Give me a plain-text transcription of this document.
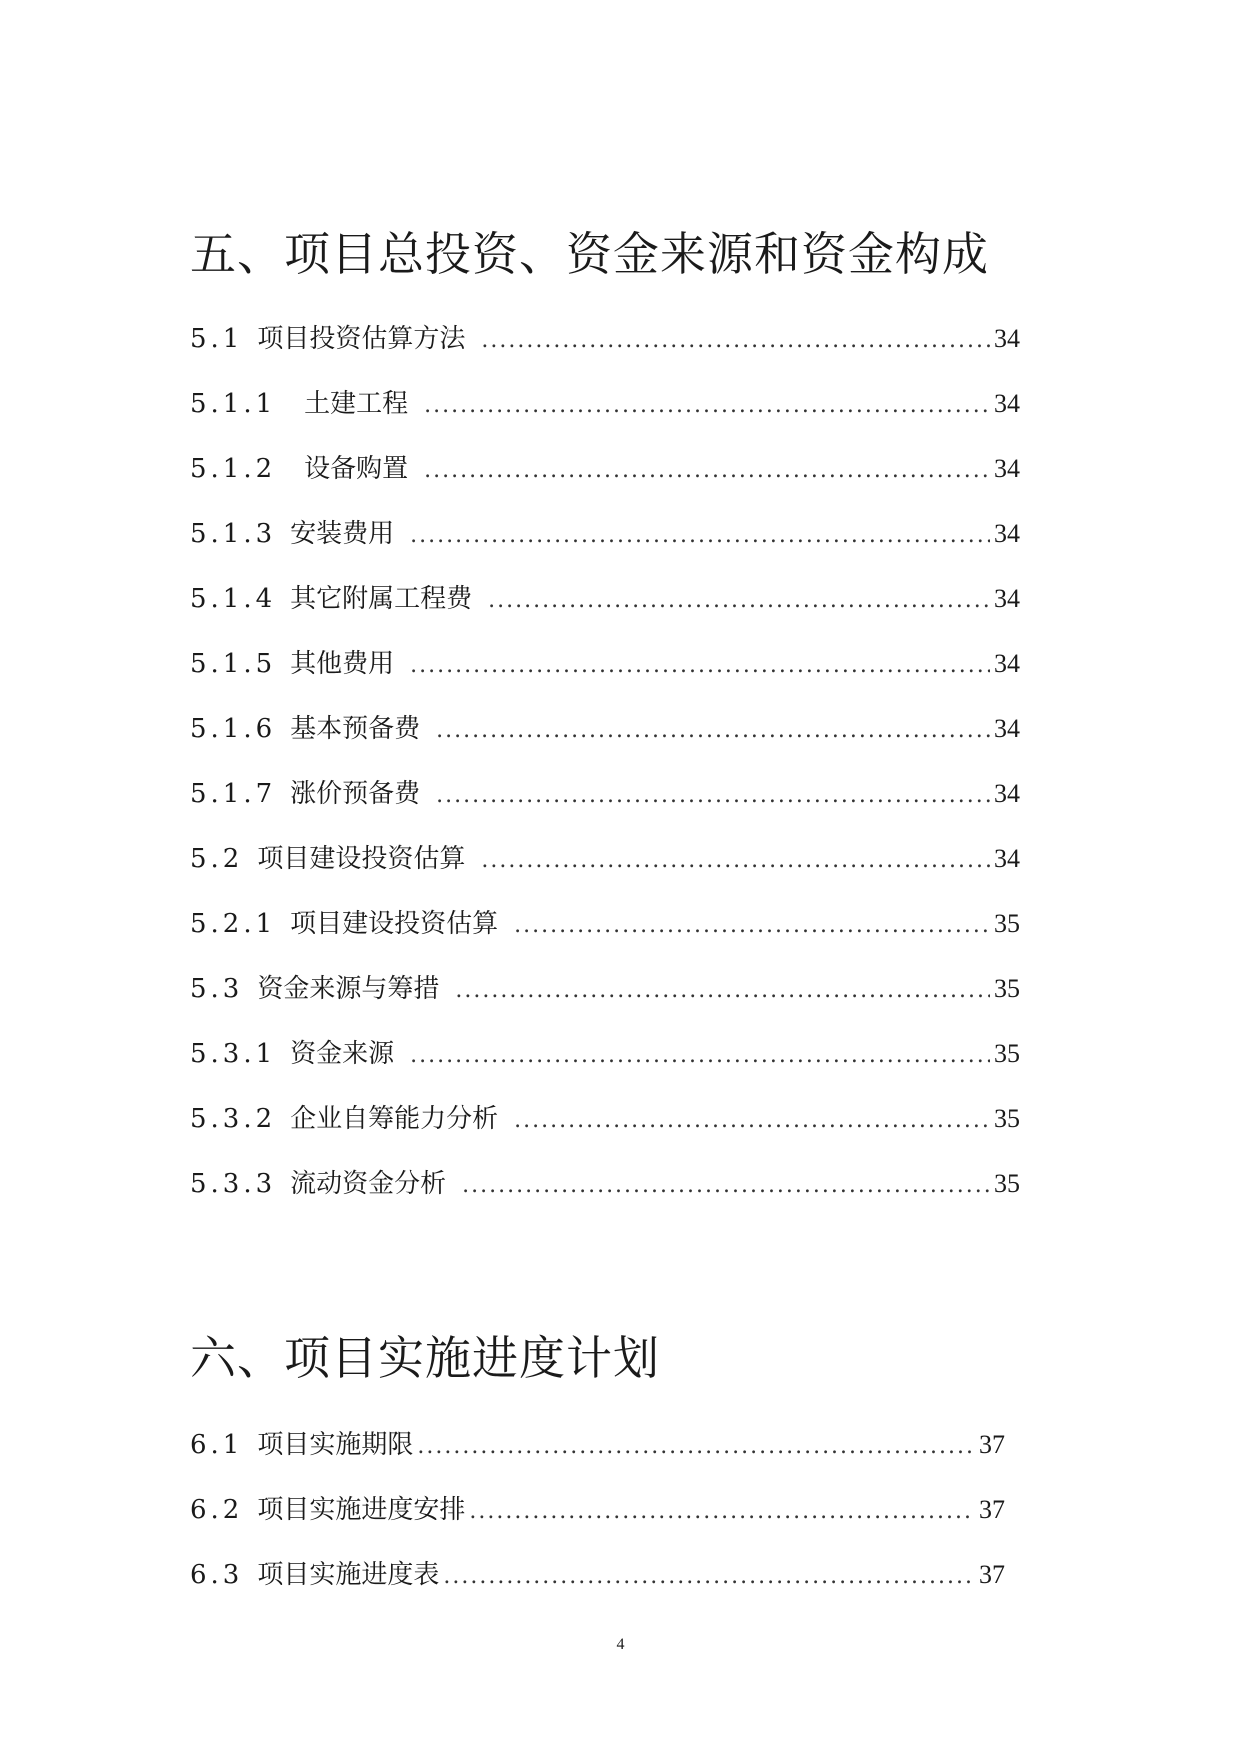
五、项目总投资、资金来源和资金构成
5.1 项目投资估算方法 .....	34
5.1.1 土建工程 .....	34
5.1.2 设备购置 .....	34
5.1.3 安装费用 .....	34
5.1.4 其它附属工程费 .....	34
5.1.5 其他费用 .....	34
5.1.6 基本预备费 .....	34
5.1.7 涨价预备费 .....	34
5.2 项目建设投资估算 .....	34
5.2.1 项目建设投资估算 .....	35
5.3 资金来源与筹措 .....	35
5.3.1 资金来源 .....	35
5.3.2 企业自筹能力分析 .....	35
5.3.3 流动资金分析 .....	35
六、项目实施进度计划
6.1 项目实施期限 .....	37
6.2 项目实施进度安排 .....	37
6.3 项目实施进度表 .....	37
4
